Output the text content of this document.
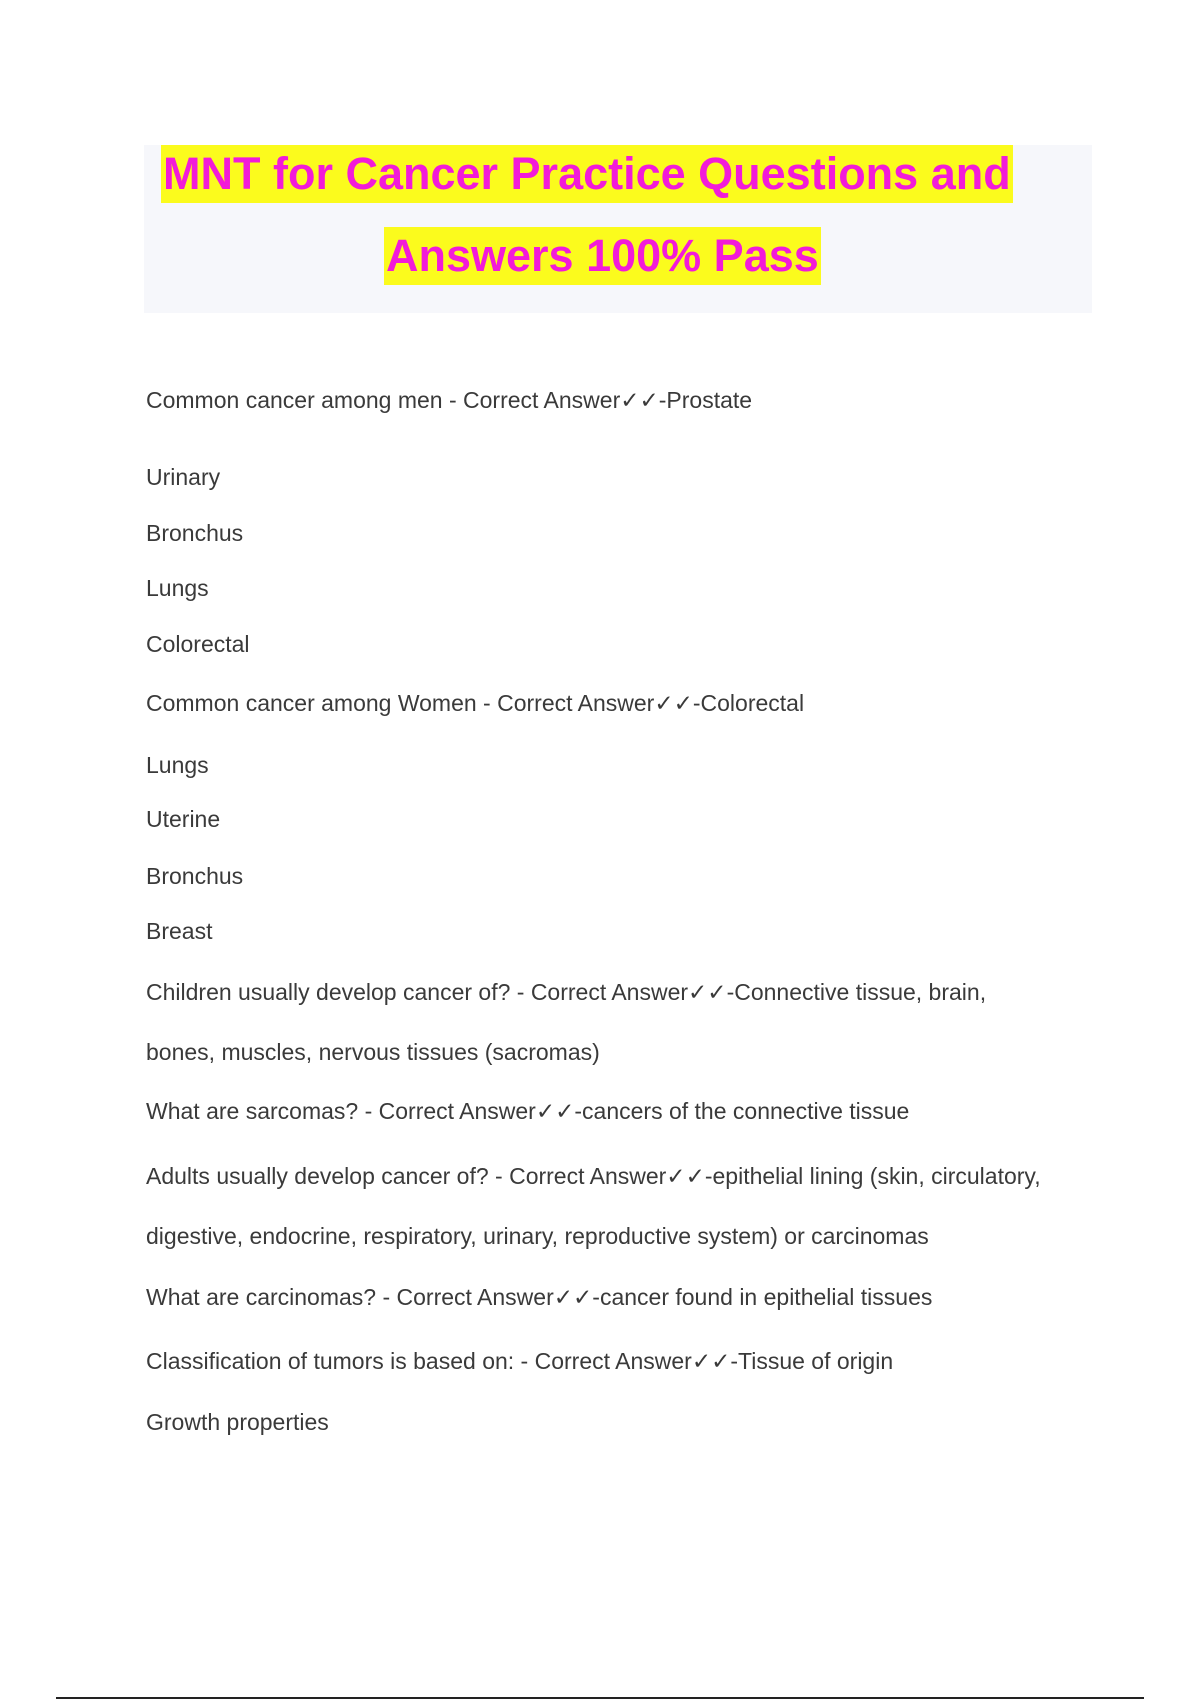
MNT for Cancer Practice Questions and
Answers 100% Pass
Common cancer among men - Correct Answer✓✓-Prostate
Urinary
Bronchus
Lungs
Colorectal
Common cancer among Women - Correct Answer✓✓-Colorectal
Lungs
Uterine
Bronchus
Breast
Children usually develop cancer of? - Correct Answer✓✓-Connective tissue, brain,
bones, muscles, nervous tissues (sacromas)
What are sarcomas? - Correct Answer✓✓-cancers of the connective tissue
Adults usually develop cancer of? - Correct Answer✓✓-epithelial lining (skin, circulatory,
digestive, endocrine, respiratory, urinary, reproductive system) or carcinomas
What are carcinomas? - Correct Answer✓✓-cancer found in epithelial tissues
Classification of tumors is based on: - Correct Answer✓✓-Tissue of origin
Growth properties
